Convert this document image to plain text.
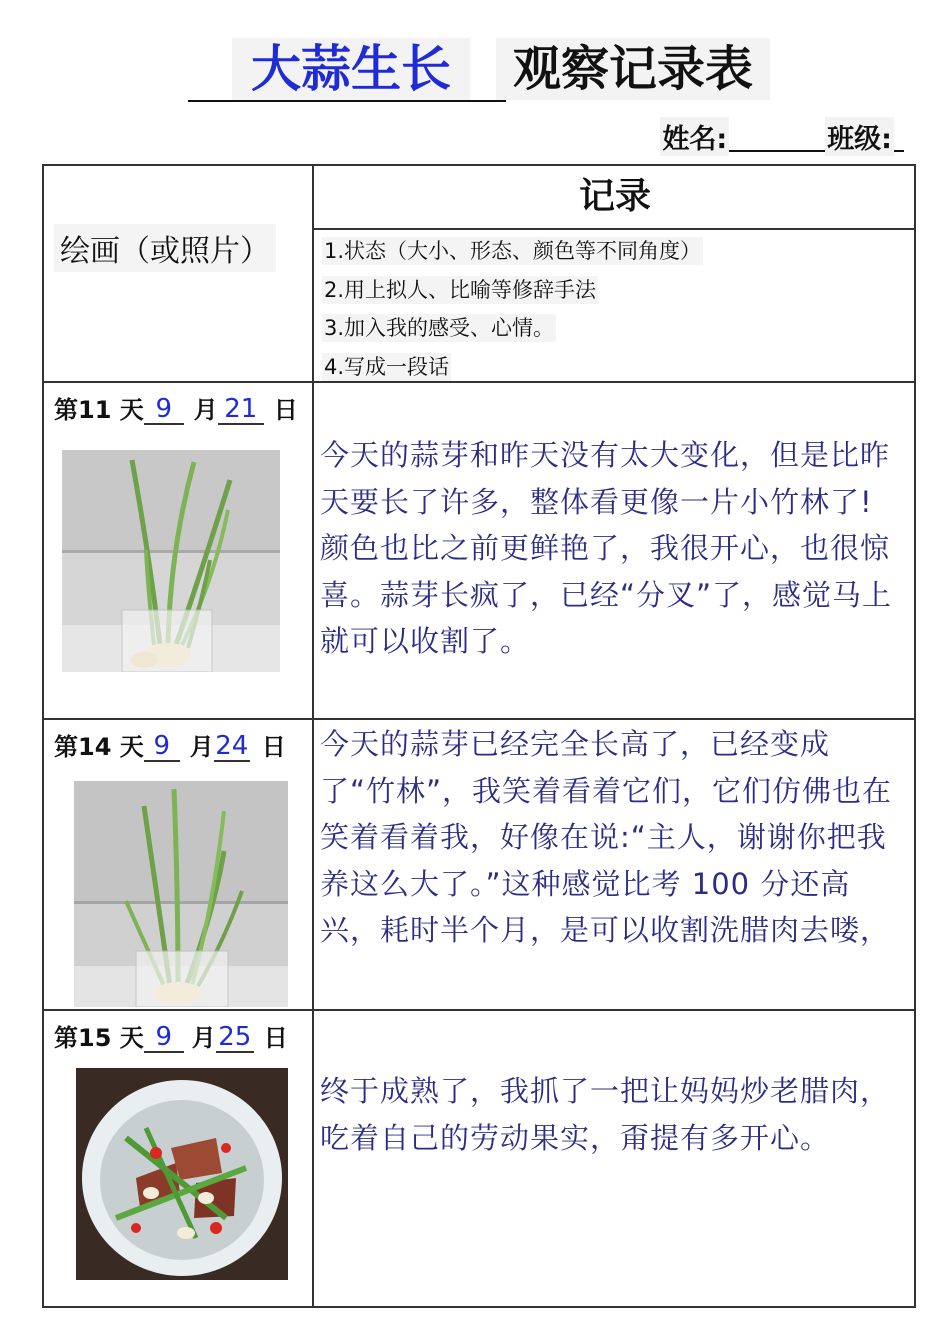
大蒜生长	观察记录表
姓名:	班级:
绘画（或照片）
记录
1.状态（大小、形态、颜色等不同角度）
2.用上拟人、比喻等修辞手法
3.加入我的感受、心情。
4.写成一段话
第11 天 9 月 21 日
今天的蒜芽和昨天没有太大变化，但是比昨天要长了许多，整体看更像一片小竹林了!颜色也比之前更鲜艳了，我很开心，也很惊喜。蒜芽长疯了，已经“分叉”了，感觉马上就可以收割了。
第14 天 9 月 24 日 今天的蒜芽已经完全长高了，已经变成了“竹林”，我笑着看着它们，它们仿佛也在笑着看着我，好像在说:“主人，谢谢你把我养这么大了。”这种感觉比考 100 分还高兴，耗时半个月，是可以收割洗腊肉去喽，
第15 天 9 月 25 日
终于成熟了，我抓了一把让妈妈炒老腊肉，吃着自己的劳动果实，甭提有多开心。
